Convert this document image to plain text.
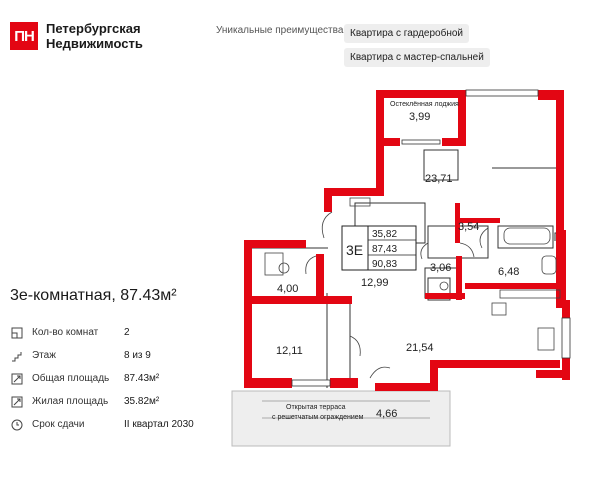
ПН Петербургская
Недвижимость
Уникальные преимущества Квартира с гардеробной
Квартира с мастер-спальней
3е-комнатная, 87.43м²
Кол-во комнат	2
Этаж	8 из 9
Общая площадь	87.43м²
Жилая площадь	35.82м²
Срок сдачи	II квартал 2030
3Е
35,82
87,43
90,83
Остеклённая лоджия
3,99
23,71
3,54
3,06	6,48
4,00	12,99
12,11	21,54
Открытая терраса
с решетчатым ограждением 4,66
